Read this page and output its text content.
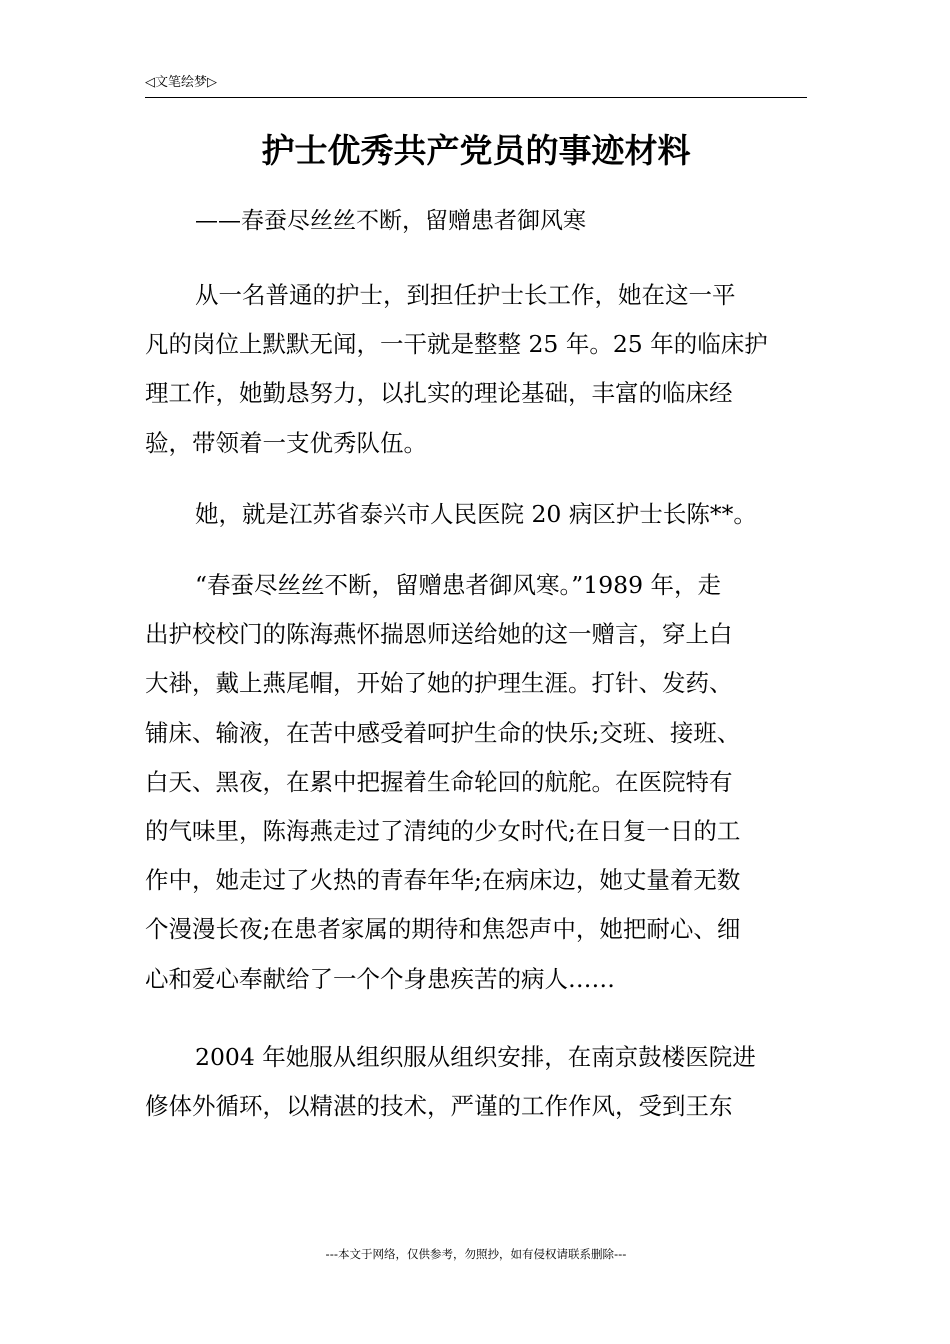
◁文笔绘梦▷
护士优秀共产党员的事迹材料
——春蚕尽丝丝不断，留赠患者御风寒
从一名普通的护士，到担任护士长工作，她在这一平
凡的岗位上默默无闻，一干就是整整 25 年。25 年的临床护
理工作，她勤恳努力，以扎实的理论基础，丰富的临床经
验，带领着一支优秀队伍。
她，就是江苏省泰兴市人民医院 20 病区护士长陈**。
“春蚕尽丝丝不断，留赠患者御风寒。”1989 年，走
出护校校门的陈海燕怀揣恩师送给她的这一赠言，穿上白
大褂，戴上燕尾帽，开始了她的护理生涯。打针、发药、
铺床、输液，在苦中感受着呵护生命的快乐;交班、接班、
白天、黑夜，在累中把握着生命轮回的航舵。在医院特有
的气味里，陈海燕走过了清纯的少女时代;在日复一日的工
作中，她走过了火热的青春年华;在病床边，她丈量着无数
个漫漫长夜;在患者家属的期待和焦怨声中，她把耐心、细
心和爱心奉献给了一个个身患疾苦的病人……
2004 年她服从组织服从组织安排，在南京鼓楼医院进
修体外循环，以精湛的技术，严谨的工作作风，受到王东
---本文于网络，仅供参考，勿照抄，如有侵权请联系删除---
